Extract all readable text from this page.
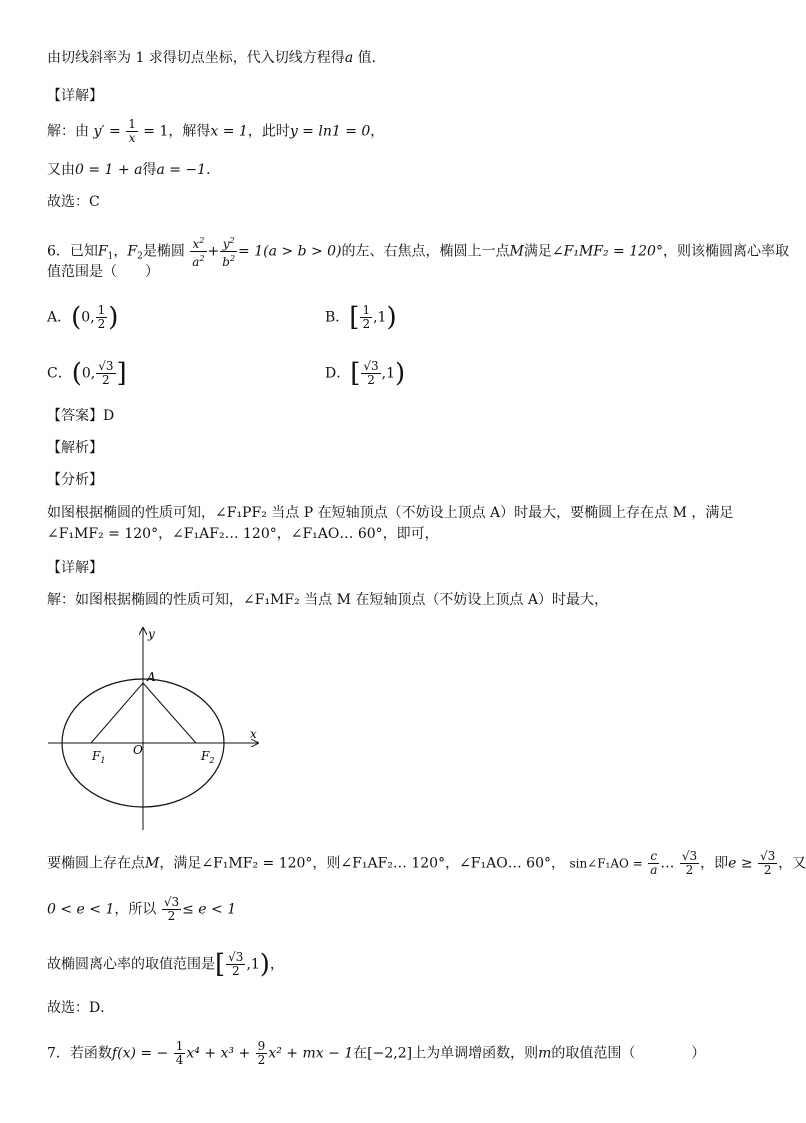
由切线斜率为 1 求得切点坐标，代入切线方程得a 值．
【详解】
解：由 $y' = \frac{1}{x} = 1$，解得x = 1，此时y = ln1 = 0，
又由0 = 1 + a得a = −1．
故选：C
6．已知$F_1$，$F_2$是椭圆 $\frac{x^2}{a^2} + \frac{y^2}{b^2} = 1(a > b > 0)$的左、右焦点，椭圆上一点M满足∠F₁MF₂ = 120°，则该椭圆离心率取
值范围是（　　）
A．(0, $\frac{1}{2}$ )	B．[ $\frac{1}{2} ,1$)
C．(0, $\frac{√3}{2}$ ]	D．[ $\frac{√3}{2} ,1$)
【答案】D
【解析】
【分析】
如图根据椭圆的性质可知，∠F₁PF₂ 当点 P 在短轴顶点（不妨设上顶点 A）时最大，要椭圆上存在点 M ，满足
∠F₁MF₂ = 120°，∠F₁AF₂… 120°，∠F₁AO… 60°，即可，
【详解】
解：如图根据椭圆的性质可知，∠F₁MF₂ 当点 M 在短轴顶点（不妨设上顶点 A）时最大，
y
x
A
O
$F_1$	$F_2$
要椭圆上存在点M，满足∠F₁MF₂ = 120°，则∠F₁AF₂… 120°，∠F₁AO… 60°， sin∠F₁AO = $\frac{c}{a}$ … $\frac{√3}{2}$ ，即$e \ge \frac{√3}{2}$ ，又
0 < e < 1，所以 $\frac{√3}{2} \le e < 1$
故椭圆离心率的取值范围是[ $\frac{√3}{2} ,1$)，
故选：D．
7．若函数f(x) = − $\frac{1}{4} x^4 + x^3 + \frac{9}{2} x^2$ + mx − 1在[−2,2]上为单调增函数，则m的取值范围（　　　　）
